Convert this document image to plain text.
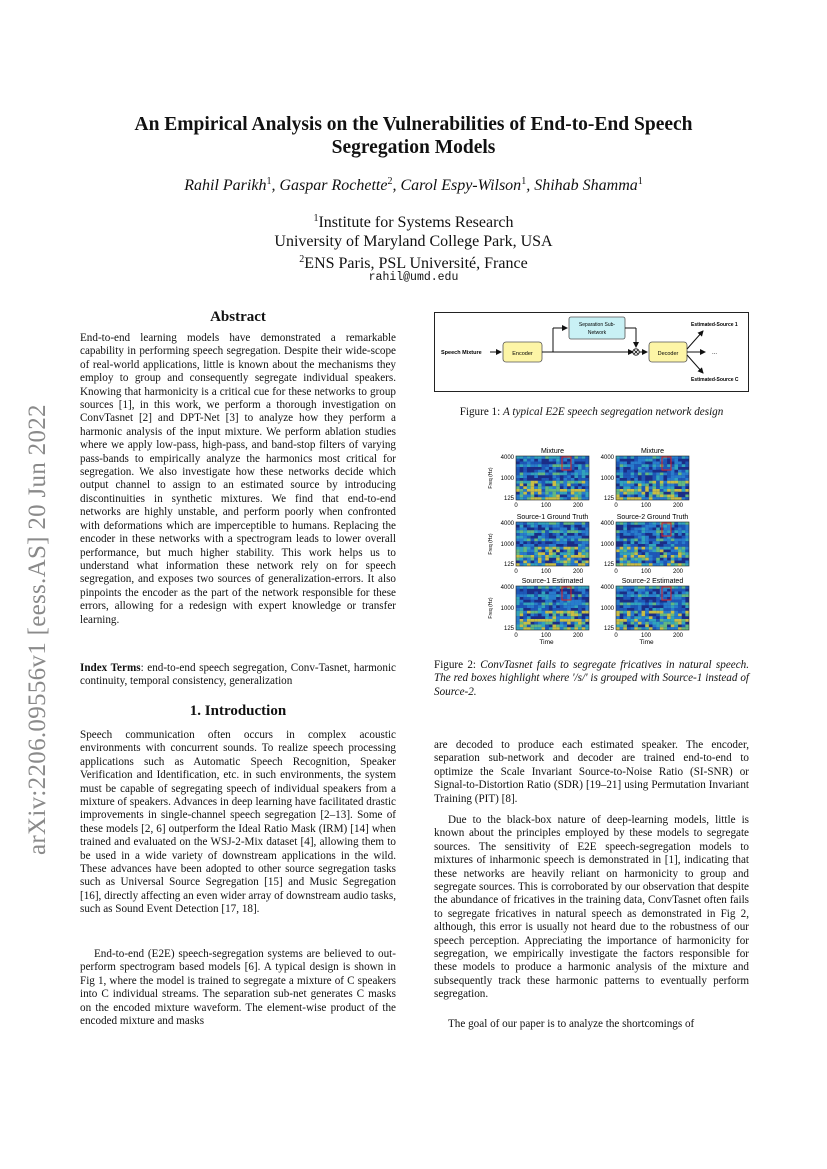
arXiv:2206.09556v1 [eess.AS] 20 Jun 2022
An Empirical Analysis on the Vulnerabilities of End-to-End Speech
Segregation Models
Rahil Parikh$^1$, Gaspar Rochette$^2$, Carol Espy-Wilson$^1$, Shihab Shamma$^1$
$^1$Institute for Systems Research
University of Maryland College Park, USA
$^2$ENS Paris, PSL Université, France
rahil@umd.edu
Abstract
End-to-end learning models have demonstrated a remarkable capability in performing speech segregation. Despite their wide-scope of real-world applications, little is known about the mechanisms they employ to group and consequently segregate individual speakers. Knowing that harmonicity is a critical cue for these networks to group sources [1], in this work, we perform a thorough investigation on ConvTasnet [2] and DPT-Net [3] to analyze how they perform a harmonic analysis of the input mixture. We perform ablation studies where we apply low-pass, high-pass, and band-stop filters of varying pass-bands to empirically analyze the harmonics most critical for segregation. We also investigate how these networks decide which output channel to assign to an estimated source by introducing discontinuities in synthetic mixtures. We find that end-to-end networks are highly unstable, and perform poorly when confronted with deformations which are imperceptible to humans. Replacing the encoder in these networks with a spectrogram leads to lower overall performance, but much higher stability. This work helps us to understand what information these network rely on for speech segregation, and exposes two sources of generalization-errors. It also pinpoints the encoder as the part of the network responsible for these errors, allowing for a redesign with expert knowledge or transfer learning.
Index Terms: end-to-end speech segregation, Conv-Tasnet, harmonic continuity, temporal consistency, generalization
1. Introduction
Speech communication often occurs in complex acoustic environments with concurrent sounds. To realize speech processing applications such as Automatic Speech Recognition, Speaker Verification and Identification, etc. in such environments, the system must be capable of segregating speech of individual speakers from a mixture of speakers. Advances in deep learning have facilitated drastic improvements in single-channel speech segregation [2–13]. Some of these models [2, 6] outperform the Ideal Ratio Mask (IRM) [14] when trained and evaluated on the WSJ-2-Mix dataset [4], allowing them to be used in a wide variety of downstream applications in the wild. These advances have been adopted to other source segregation tasks such as Universal Source Segregation [15] and Music Segregation [16], directly affecting an even wider array of downstream audio tasks, such as Sound Event Detection [17, 18].
End-to-end (E2E) speech-segregation systems are believed to out-perform spectrogram based models [6]. A typical design is shown in Fig 1, where the model is trained to segregate a mixture of C speakers into C individual streams. The separation sub-net generates C masks on the encoded mixture waveform. The element-wise product of the encoded mixture and masks
Speech Mixture	Encoder
Separation Sub-
Network
Decoder
Estimated-Source 1
...
Estimated-Source C
Figure 1: A typical E2E speech segregation network design
Mixture
4000
1000
125
0	100	200
Freq (Hz)
Mixture
4000
1000
125
0	100	200
Source-1 Ground Truth
4000
1000
125
0	100	200
Freq (Hz)
Source-2 Ground Truth
4000
1000
125
0	100	200
Source-1 Estimated
4000
1000
125
0	100	200
Freq (Hz)
Time
Source-2 Estimated
4000
1000
125
0	100	200
Time
Figure 2: ConvTasnet fails to segregate fricatives in natural speech. The red boxes highlight where '/s/' is grouped with Source-1 instead of Source-2.
are decoded to produce each estimated speaker. The encoder, separation sub-network and decoder are trained end-to-end to optimize the Scale Invariant Source-to-Noise Ratio (SI-SNR) or Signal-to-Distortion Ratio (SDR) [19–21] using Permutation Invariant Training (PIT) [8].
Due to the black-box nature of deep-learning models, little is known about the principles employed by these models to segregate sources. The sensitivity of E2E speech-segregation models to mixtures of inharmonic speech is demonstrated in [1], indicating that these networks are heavily reliant on harmonicity to group and segregate sources. This is corroborated by our observation that despite the abundance of fricatives in the training data, ConvTasnet often fails to segregate fricatives in natural speech as demonstrated in Fig 2, although, this error is usually not heard due to the robustness of our speech perception. Appreciating the importance of harmonicity for segregation, we empirically investigate the factors responsible for these models to produce a harmonic analysis of the mixture and subsequently track these harmonic patterns to eventually perform segregation.
The goal of our paper is to analyze the shortcomings of
